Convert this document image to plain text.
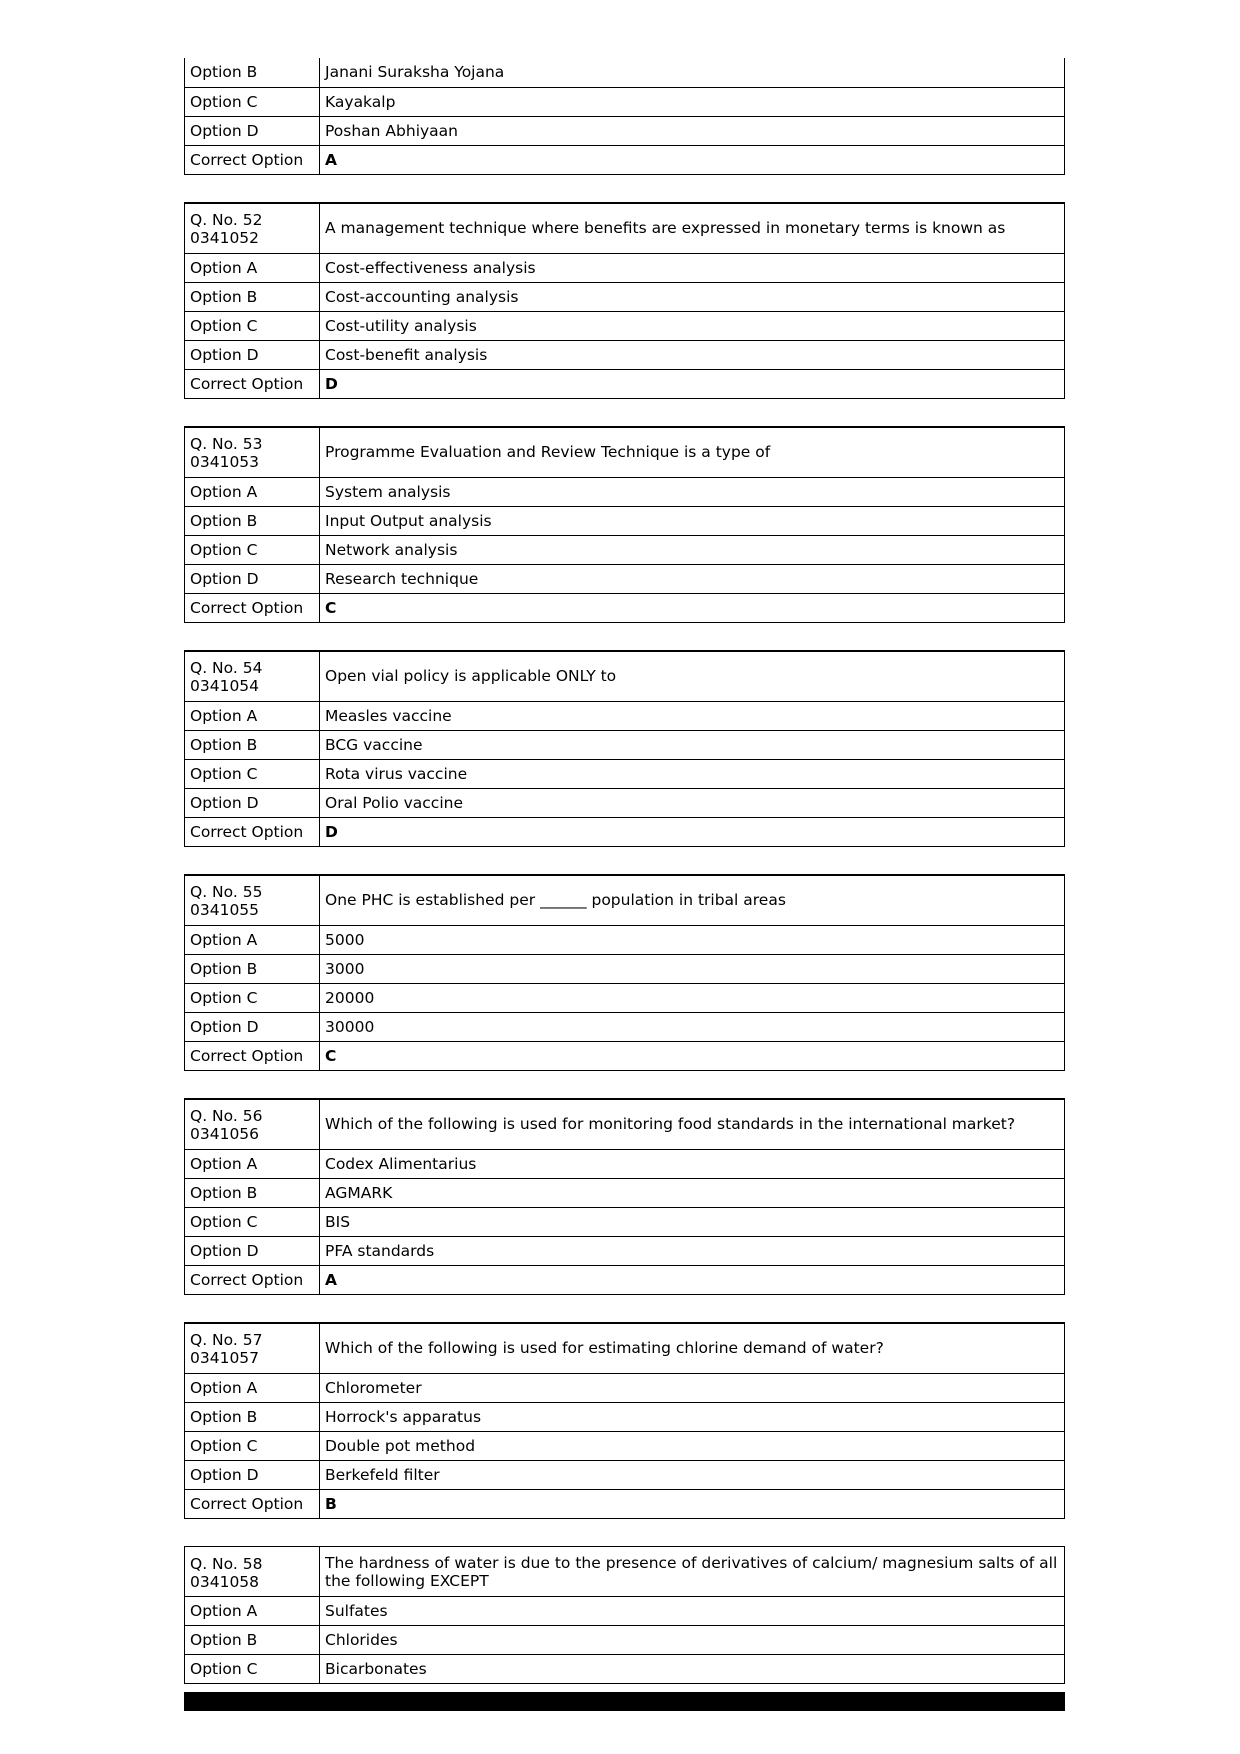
Option B	Janani Suraksha Yojana
Option C	Kayakalp
Option D	Poshan Abhiyaan
Correct Option	A
Q. No. 52
0341052	A management technique where benefits are expressed in monetary terms is known as
Option A	Cost-effectiveness analysis
Option B	Cost-accounting analysis
Option C	Cost-utility analysis
Option D	Cost-benefit analysis
Correct Option	D
Q. No. 53
0341053	Programme Evaluation and Review Technique is a type of
Option A	System analysis
Option B	Input Output analysis
Option C	Network analysis
Option D	Research technique
Correct Option	C
Q. No. 54
0341054	Open vial policy is applicable ONLY to
Option A	Measles vaccine
Option B	BCG vaccine
Option C	Rota virus vaccine
Option D	Oral Polio vaccine
Correct Option	D
Q. No. 55
0341055	One PHC is established per ______ population in tribal areas
Option A	5000
Option B	3000
Option C	20000
Option D	30000
Correct Option	C
Q. No. 56
0341056	Which of the following is used for monitoring food standards in the international market?
Option A	Codex Alimentarius
Option B	AGMARK
Option C	BIS
Option D	PFA standards
Correct Option	A
Q. No. 57
0341057	Which of the following is used for estimating chlorine demand of water?
Option A	Chlorometer
Option B	Horrock's apparatus
Option C	Double pot method
Option D	Berkefeld filter
Correct Option	B
Q. No. 58
0341058	The hardness of water is due to the presence of derivatives of calcium/ magnesium salts of all the following EXCEPT
Option A	Sulfates
Option B	Chlorides
Option C	Bicarbonates
